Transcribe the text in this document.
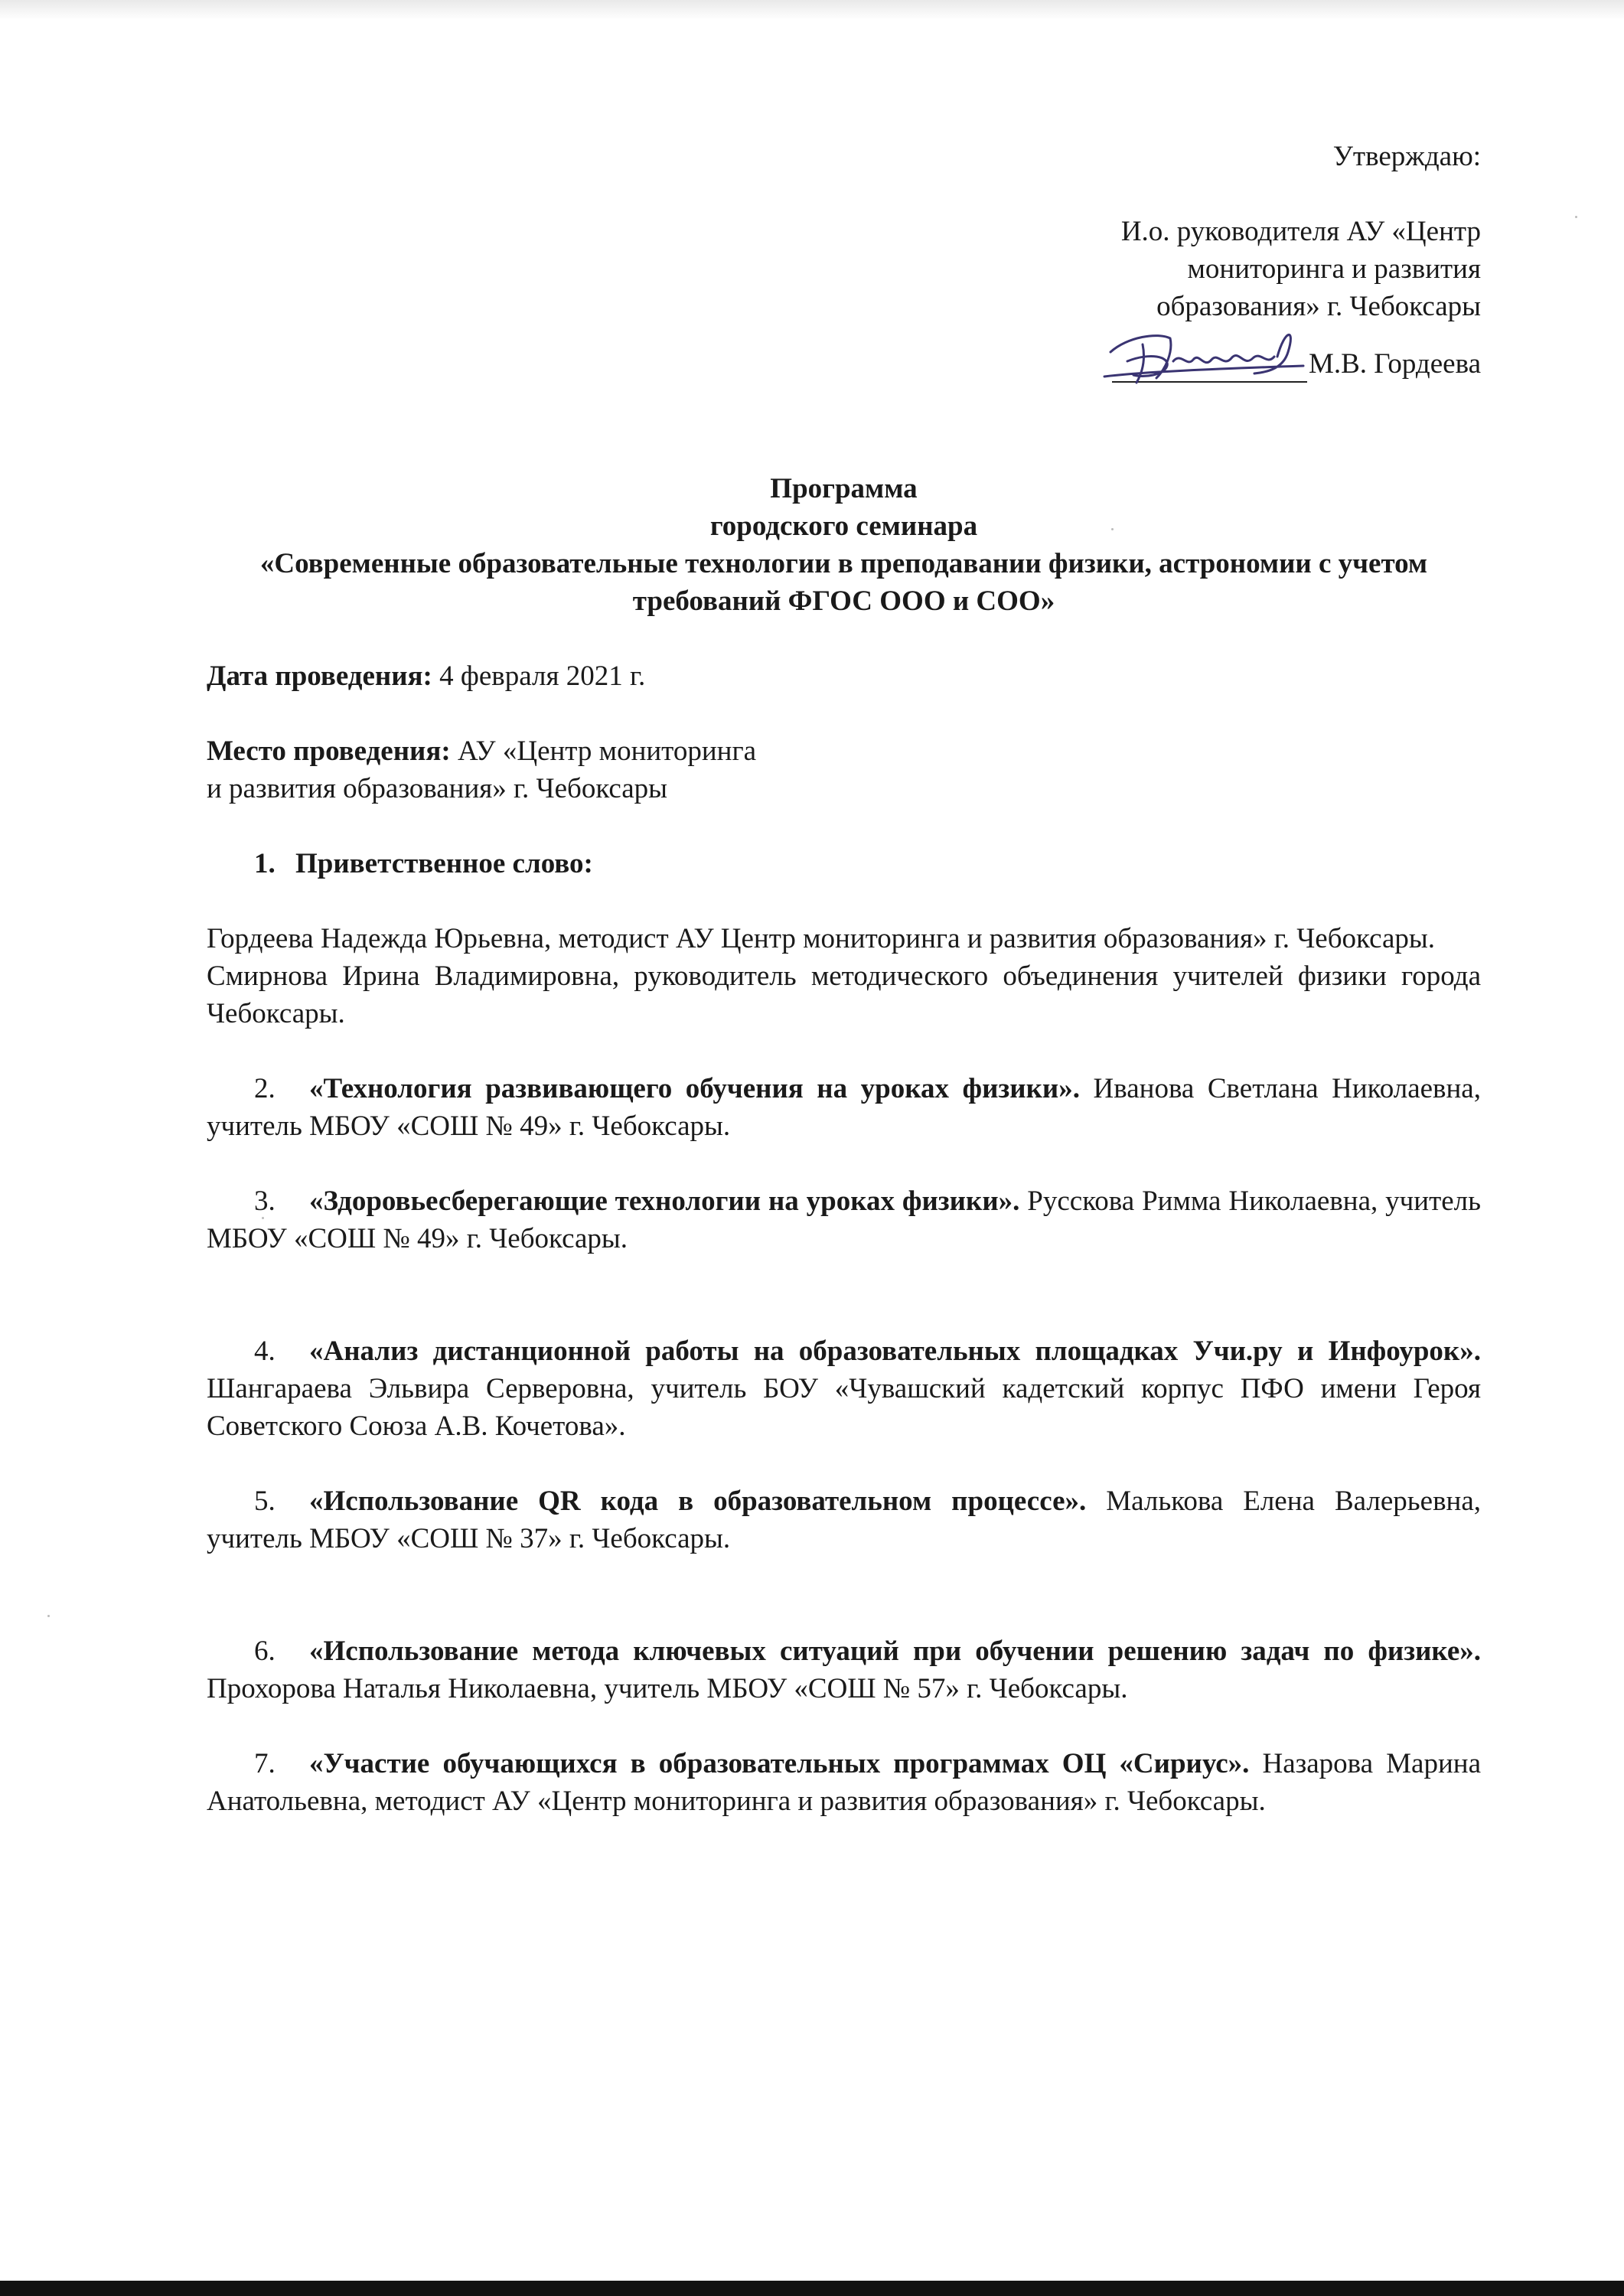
Утверждаю:

И.о. руководителя АУ «Центр мониторинга и развития образования» г. Чебоксары

М.В. Гордеева

Программа

городского семинара

«Современные образовательные технологии в преподавании физики, астрономии с учетом требований ФГОС ООО и СОО»

Дата проведения: 4 февраля 2021 г.

Место проведения: АУ «Центр мониторинга

и развития образования» г. Чебоксары

1. Приветственное слово:

Гордеева Надежда Юрьевна, методист АУ Центр мониторинга и развития образования» г. Чебоксары.

Смирнова Ирина Владимировна, руководитель методического объединения учителей физики города Чебоксары.

2. «Технология развивающего обучения на уроках физики». Иванова Светлана Николаевна, учитель МБОУ «СОШ № 49» г. Чебоксары.

3. «Здоровьесберегающие технологии на уроках физики». Русскова Римма Николаевна, учитель МБОУ «СОШ № 49» г. Чебоксары.

4. «Анализ дистанционной работы на образовательных площадках Учи.ру и Инфоурок». Шангараева Эльвира Серверовна, учитель БОУ «Чувашский кадетский корпус ПФО имени Героя Советского Союза А.В. Кочетова».

5. «Использование QR кода в образовательном процессе». Малькова Елена Валерьевна, учитель МБОУ «СОШ № 37» г. Чебоксары.

6. «Использование метода ключевых ситуаций при обучении решению задач по физике». Прохорова Наталья Николаевна, учитель МБОУ «СОШ № 57» г. Чебоксары.

7. «Участие обучающихся в образовательных программах ОЦ «Сириус». Назарова Марина Анатольевна, методист АУ «Центр мониторинга и развития образования» г. Чебоксары.
